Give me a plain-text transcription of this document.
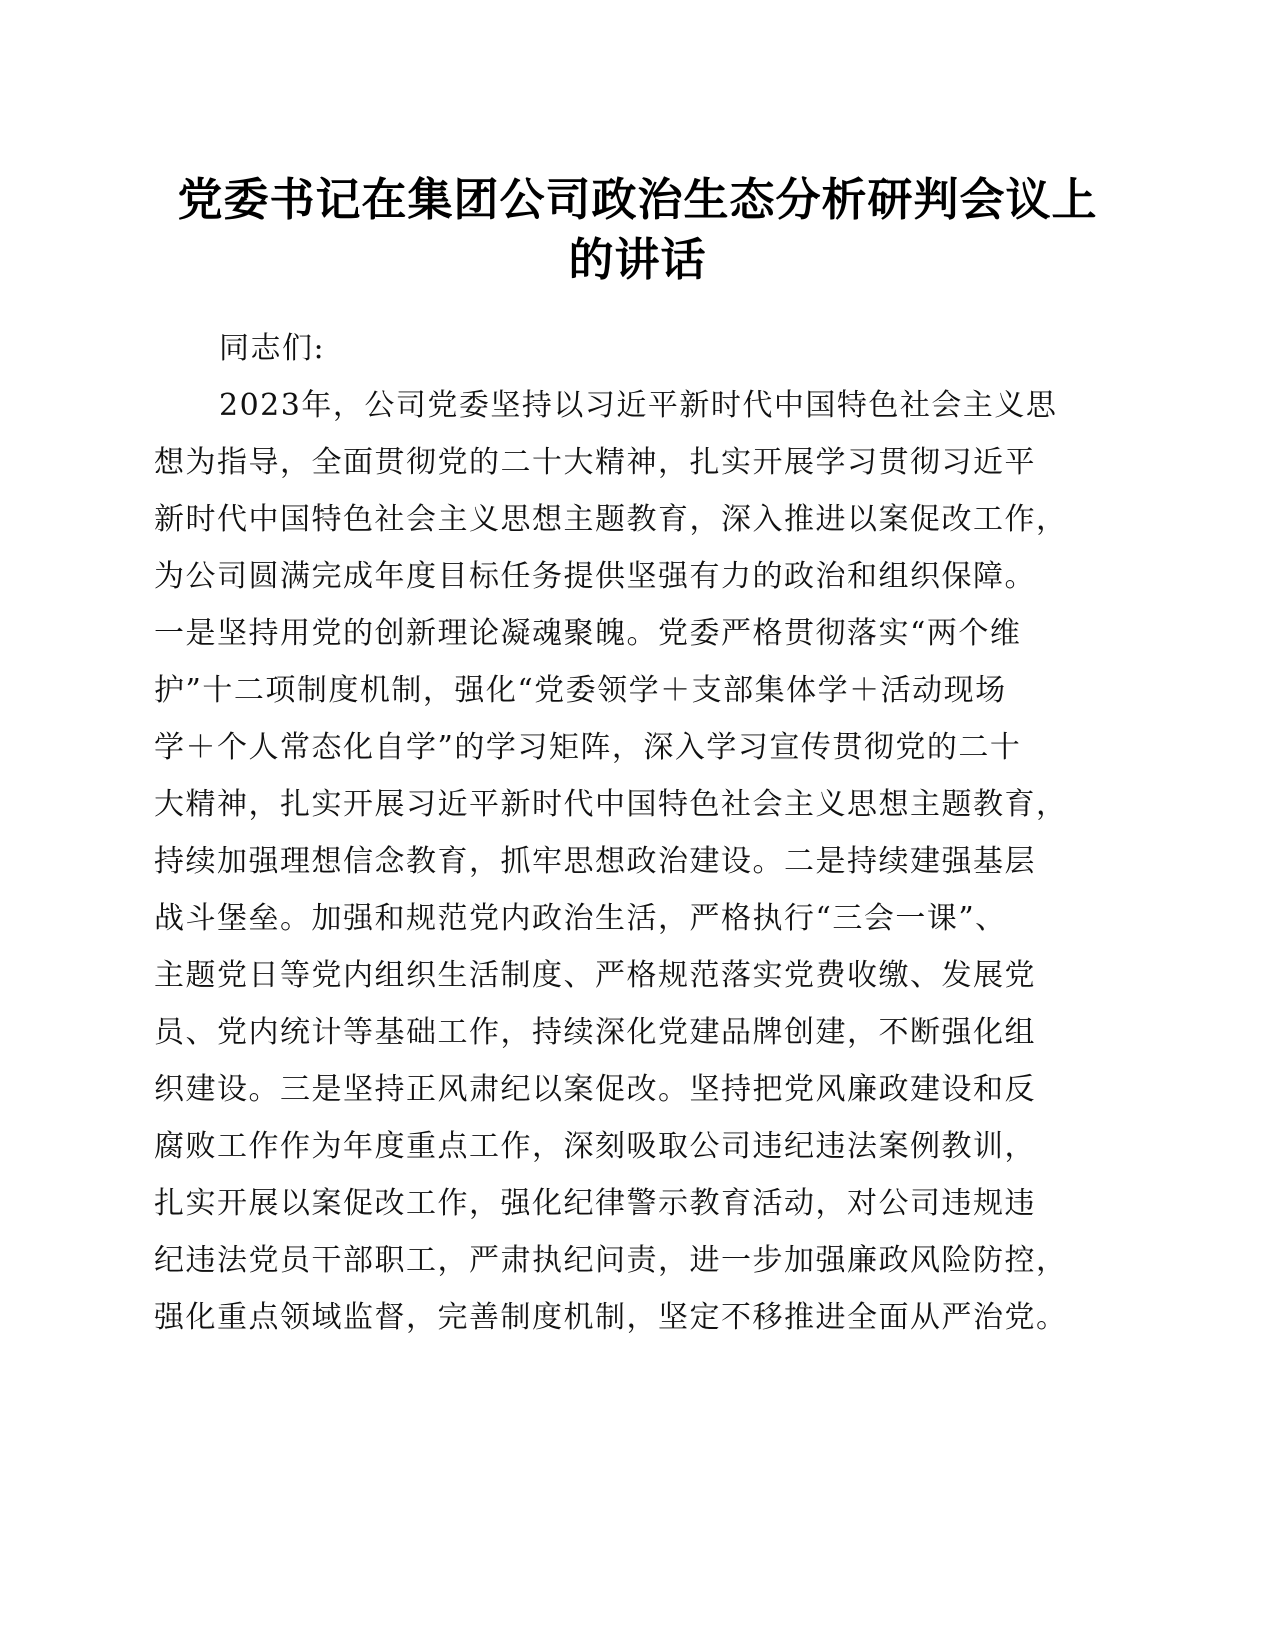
党委书记在集团公司政治生态分析研判会议上
的讲话
同志们:
2023年，公司党委坚持以习近平新时代中国特色社会主义思
想为指导，全面贯彻党的二十大精神，扎实开展学习贯彻习近平
新时代中国特色社会主义思想主题教育，深入推进以案促改工作，
为公司圆满完成年度目标任务提供坚强有力的政治和组织保障。
一是坚持用党的创新理论凝魂聚魄。党委严格贯彻落实“两个维
护”十二项制度机制，强化“党委领学＋支部集体学＋活动现场
学＋个人常态化自学”的学习矩阵，深入学习宣传贯彻党的二十
大精神，扎实开展习近平新时代中国特色社会主义思想主题教育，
持续加强理想信念教育，抓牢思想政治建设。二是持续建强基层
战斗堡垒。加强和规范党内政治生活，严格执行“三会一课”、
主题党日等党内组织生活制度、严格规范落实党费收缴、发展党
员、党内统计等基础工作，持续深化党建品牌创建，不断强化组
织建设。三是坚持正风肃纪以案促改。坚持把党风廉政建设和反
腐败工作作为年度重点工作，深刻吸取公司违纪违法案例教训，
扎实开展以案促改工作，强化纪律警示教育活动，对公司违规违
纪违法党员干部职工，严肃执纪问责，进一步加强廉政风险防控，
强化重点领域监督，完善制度机制，坚定不移推进全面从严治党。
